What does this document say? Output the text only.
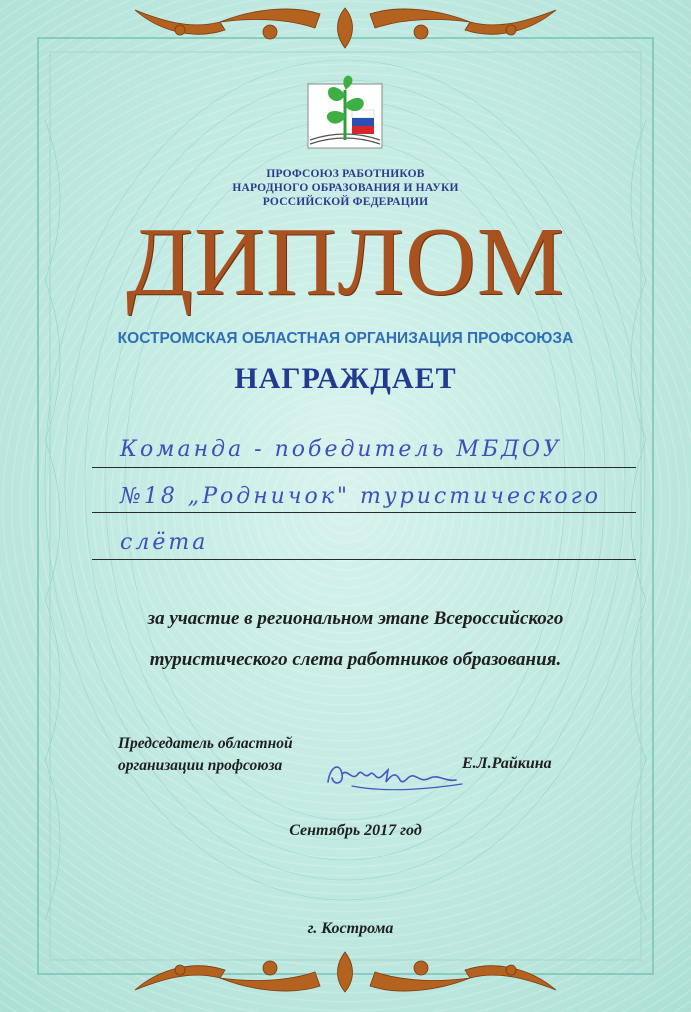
ПРОФСОЮЗ РАБОТНИКОВ
НАРОДНОГО ОБРАЗОВАНИЯ И НАУКИ
РОССИЙСКОЙ ФЕДЕРАЦИИ
ДИПЛОМ
КОСТРОМСКАЯ ОБЛАСТНАЯ ОРГАНИЗАЦИЯ ПРОФСОЮЗА
НАГРАЖДАЕТ
Команда - победитель МБДОУ
№18 „Родничок" туристического
слёта
за участие в региональном этапе Всероссийского
туристического слета работников образования.
Председатель областной
организации профсоюза	Е.Л.Райкина
Сентябрь 2017 год
г. Кострома
